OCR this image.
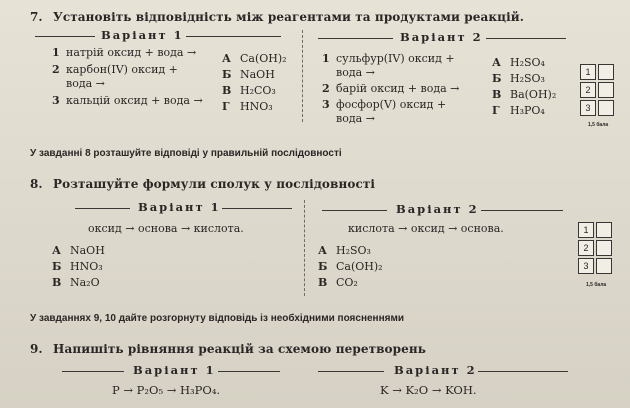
7. Установіть відповідність між реагентами та продуктами реакцій.
Варіант 1
1 натрій оксид + вода →
2 карбон(IV) оксид +
вода →
3 кальцій оксид + вода →
А Ca(OH)₂
Б NaOH
В H₂CO₃
Г HNO₃
Варіант 2
1 сульфур(IV) оксид +
вода →
2 барій оксид + вода →
3 фосфор(V) оксид +
вода →
А H₂SO₄
Б H₂SO₃
В Ba(OH)₂
Г H₃PO₄
1
2
3
1,5 бала
У завданні 8 розташуйте відповіді у правильній послідовності
8. Розташуйте формули сполук у послідовності
Варіант 1
оксид → основа → кислота.
А NaOH
Б HNO₃
В Na₂O
Варіант 2
кислота → оксид → основа.
А H₂SO₃
Б Ca(OH)₂
В CO₂
1
2
3
1,5 бала
У завданнях 9, 10 дайте розгорнуту відповідь із необхідними поясненнями
9. Напишіть рівняння реакцій за схемою перетворень
Варіант 1
P → P₂O₅ → H₃PO₄.
Варіант 2
K → K₂O → KOH.
